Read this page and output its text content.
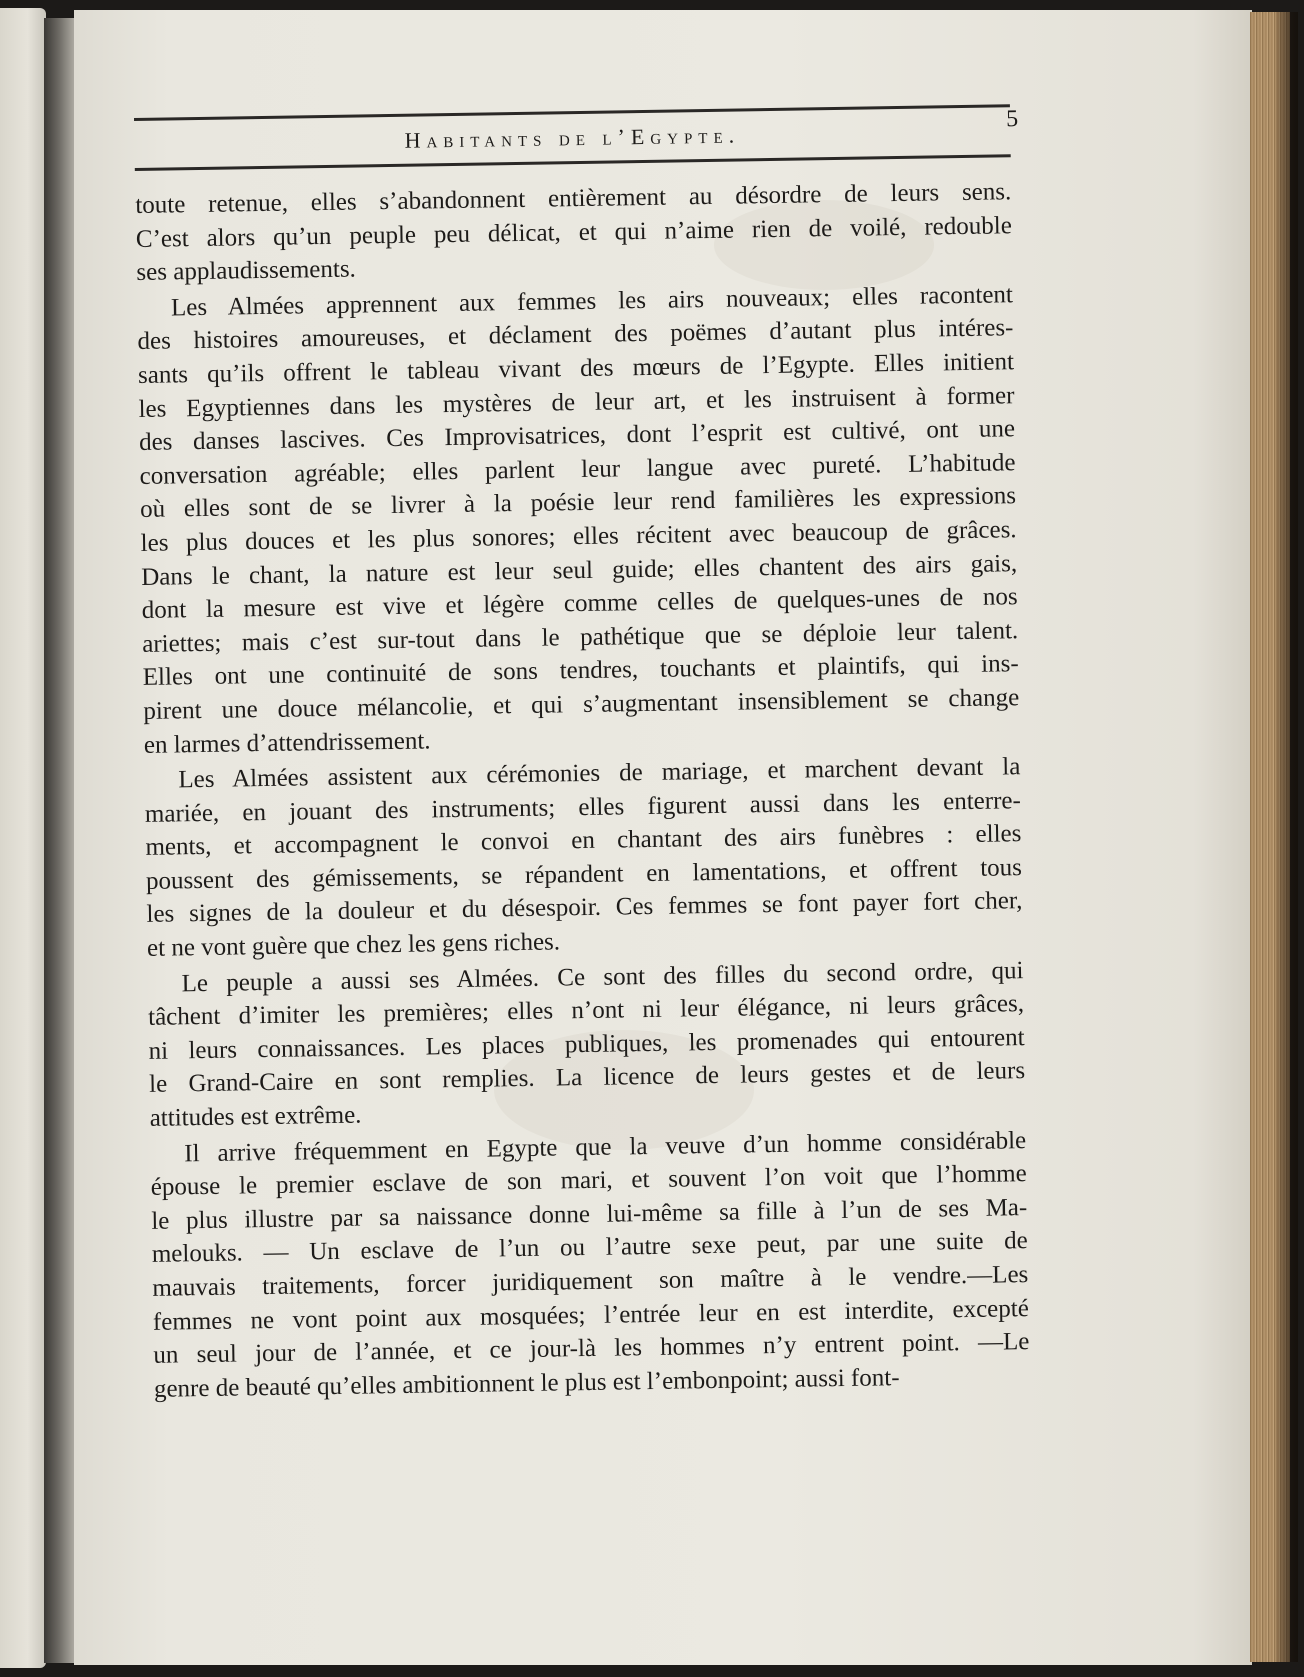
Habitants de l’Egypte.
5
toute retenue, elles s’abandonnent entièrement au désordre de leurs sens.
C’est alors qu’un peuple peu délicat, et qui n’aime rien de voilé, redouble
ses applaudissements.
Les Almées apprennent aux femmes les airs nouveaux; elles racontent
des histoires amoureuses, et déclament des poëmes d’autant plus intéres-
sants qu’ils offrent le tableau vivant des mœurs de l’Egypte. Elles initient
les Egyptiennes dans les mystères de leur art, et les instruisent à former
des danses lascives. Ces Improvisatrices, dont l’esprit est cultivé, ont une
conversation agréable; elles parlent leur langue avec pureté. L’habitude
où elles sont de se livrer à la poésie leur rend familières les expressions
les plus douces et les plus sonores; elles récitent avec beaucoup de grâces.
Dans le chant, la nature est leur seul guide; elles chantent des airs gais,
dont la mesure est vive et légère comme celles de quelques-unes de nos
ariettes; mais c’est sur-tout dans le pathétique que se déploie leur talent.
Elles ont une continuité de sons tendres, touchants et plaintifs, qui ins-
pirent une douce mélancolie, et qui s’augmentant insensiblement se change
en larmes d’attendrissement.
Les Almées assistent aux cérémonies de mariage, et marchent devant la
mariée, en jouant des instruments; elles figurent aussi dans les enterre-
ments, et accompagnent le convoi en chantant des airs funèbres : elles
poussent des gémissements, se répandent en lamentations, et offrent tous
les signes de la douleur et du désespoir. Ces femmes se font payer fort cher,
et ne vont guère que chez les gens riches.
Le peuple a aussi ses Almées. Ce sont des filles du second ordre, qui
tâchent d’imiter les premières; elles n’ont ni leur élégance, ni leurs grâces,
ni leurs connaissances. Les places publiques, les promenades qui entourent
le Grand-Caire en sont remplies. La licence de leurs gestes et de leurs
attitudes est extrême.
Il arrive fréquemment en Egypte que la veuve d’un homme considérable
épouse le premier esclave de son mari, et souvent l’on voit que l’homme
le plus illustre par sa naissance donne lui-même sa fille à l’un de ses Ma-
melouks. — Un esclave de l’un ou l’autre sexe peut, par une suite de
mauvais traitements, forcer juridiquement son maître à le vendre.—Les
femmes ne vont point aux mosquées; l’entrée leur en est interdite, excepté
un seul jour de l’année, et ce jour-là les hommes n’y entrent point. —Le
genre de beauté qu’elles ambitionnent le plus est l’embonpoint; aussi font-
